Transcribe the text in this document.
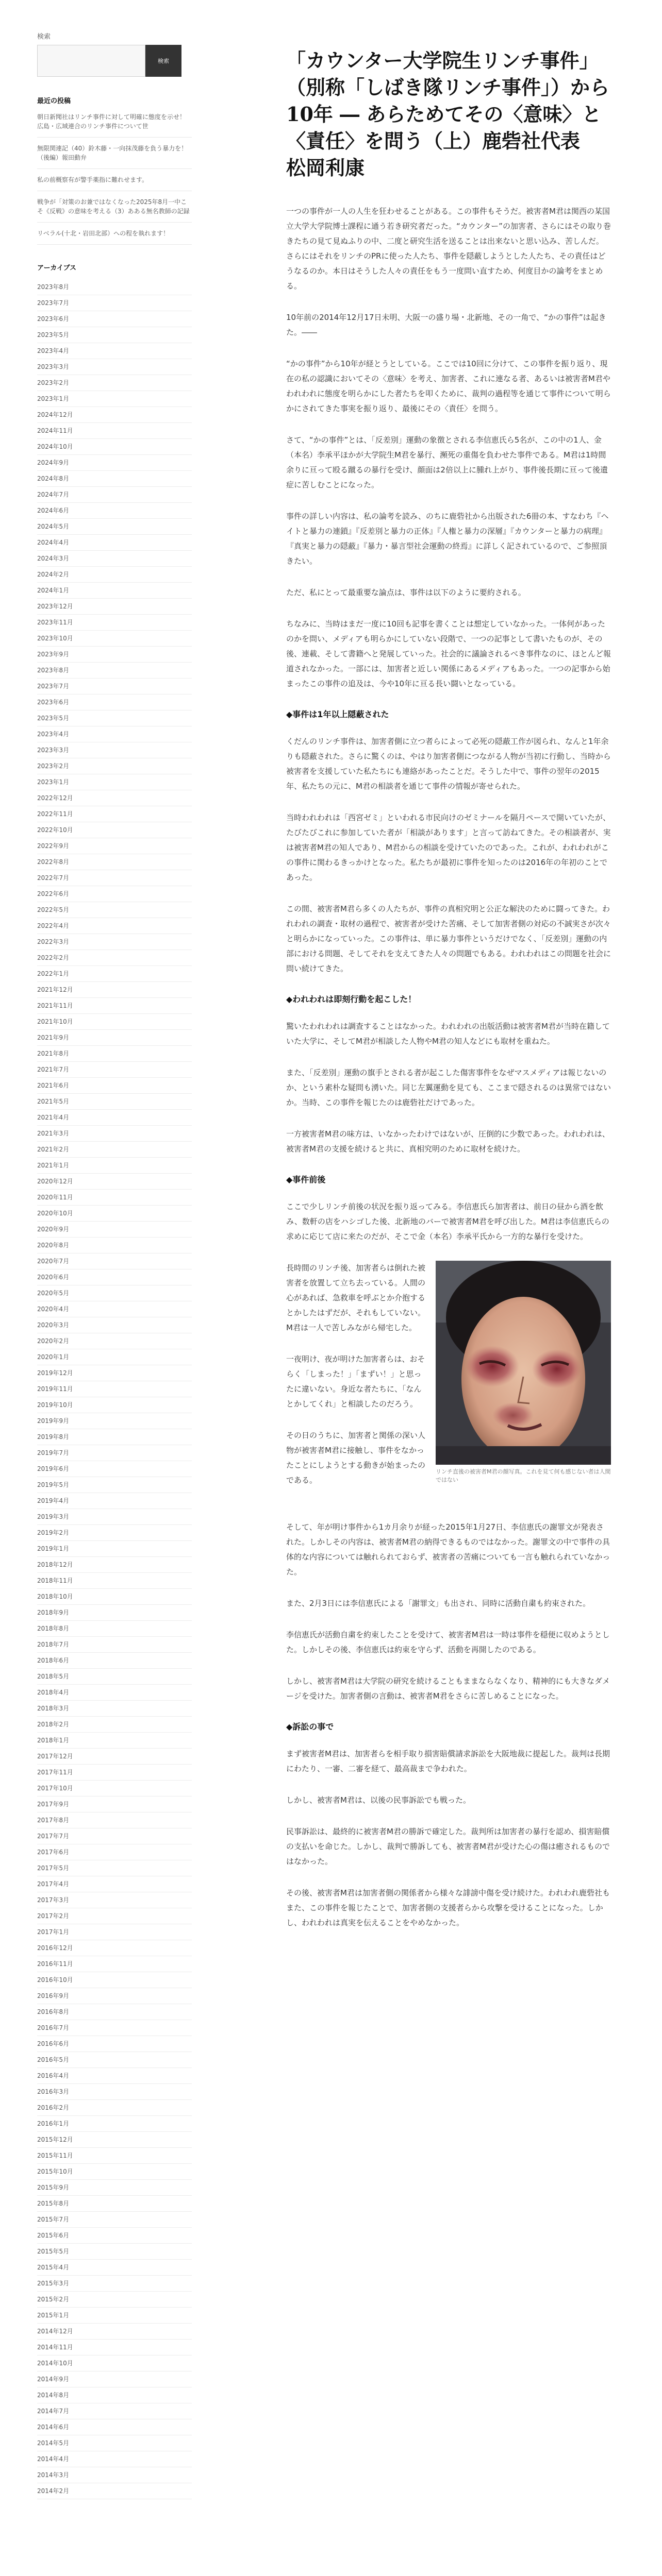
検索
検索
最近の投稿
朝日新聞社はリンチ事件に対して明確に態度を示せ！ 広島・広域連合のリンチ事件について世
無限関連記（40）鈴木藤・一向抹茂藤を負う暴力を！（後編）報田動弁
私の前概察有が警手薬指に難れせます。
戦争が「対策のお兼ではなくなった2025年8月一中こそ《反戦》の意味を考える（3）あある無名教師の記録
リベラル(十北・岩田北部）への程を執れます！
アーカイブス
2023年8月
2023年7月
2023年6月
2023年5月
2023年4月
2023年3月
2023年2月
2023年1月
2024年12月
2024年11月
2024年10月
2024年9月
2024年8月
2024年7月
2024年6月
2024年5月
2024年4月
2024年3月
2024年2月
2024年1月
2023年12月
2023年11月
2023年10月
2023年9月
2023年8月
2023年7月
2023年6月
2023年5月
2023年4月
2023年3月
2023年2月
2023年1月
2022年12月
2022年11月
2022年10月
2022年9月
2022年8月
2022年7月
2022年6月
2022年5月
2022年4月
2022年3月
2022年2月
2022年1月
2021年12月
2021年11月
2021年10月
2021年9月
2021年8月
2021年7月
2021年6月
2021年5月
2021年4月
2021年3月
2021年2月
2021年1月
2020年12月
2020年11月
2020年10月
2020年9月
2020年8月
2020年7月
2020年6月
2020年5月
2020年4月
2020年3月
2020年2月
2020年1月
2019年12月
2019年11月
2019年10月
2019年9月
2019年8月
2019年7月
2019年6月
2019年5月
2019年4月
2019年3月
2019年2月
2019年1月
2018年12月
2018年11月
2018年10月
2018年9月
2018年8月
2018年7月
2018年6月
2018年5月
2018年4月
2018年3月
2018年2月
2018年1月
2017年12月
2017年11月
2017年10月
2017年9月
2017年8月
2017年7月
2017年6月
2017年5月
2017年4月
2017年3月
2017年2月
2017年1月
2016年12月
2016年11月
2016年10月
2016年9月
2016年8月
2016年7月
2016年6月
2016年5月
2016年4月
2016年3月
2016年2月
2016年1月
2015年12月
2015年11月
2015年10月
2015年9月
2015年8月
2015年7月
2015年6月
2015年5月
2015年4月
2015年3月
2015年2月
2015年1月
2014年12月
2014年11月
2014年10月
2014年9月
2014年8月
2014年7月
2014年6月
2014年5月
2014年4月
2014年3月
2014年2月
「カウンター大学院生リンチ事件」（別称「しばき隊リンチ事件」）から10年 ― あらためてその〈意味〉と〈責任〉を問う（上）鹿砦社代表　松岡利康

一つの事件が一人の人生を狂わせることがある。この事件もそうだ。被害者M君は関西の某国立大学大学院博士課程に通う若き研究者だった。“カウンター”の加害者、さらにはその取り巻きたちの見て見ぬふりの中、二度と研究生活を送ることは出来ないと思い込み、苦しんだ。さらにはそれをリンチのPRに使った人たち、事件を隠蔽しようとした人たち、その責任はどうなるのか。本日はそうした人々の責任をもう一度問い直すため、何度目かの論考をまとめる。

10年前の2014年12月17日未明、大阪一の盛り場・北新地、その一角で、“かの事件”は起きた。――

“かの事件”から10年が経とうとしている。ここでは10回に分けて、この事件を振り返り、現在の私の認識においてその〈意味〉を考え、加害者、これに連なる者、あるいは被害者M君やわれわれに態度を明らかにした者たちを叩くために、裁判の過程等を通じて事件について明らかにされてきた事実を振り返り、最後にその〈責任〉を問う。

さて、“かの事件”とは、「反差別」運動の象徴とされる李信恵氏ら5名が、この中の1人、金（本名）李承平ほかが大学院生M君を暴行、瀕死の重傷を負わせた事件である。M君は1時間余りに亘って殴る蹴るの暴行を受け、顔面は2倍以上に腫れ上がり、事件後長期に亘って後遺症に苦しむことになった。

事件の詳しい内容は、私の論考を読み、のちに鹿砦社から出版された6冊の本、すなわち『ヘイトと暴力の連鎖』『反差別と暴力の正体』『人権と暴力の深層』『カウンターと暴力の病理』『真実と暴力の隠蔽』『暴力・暴言型社会運動の終焉』に詳しく記されているので、ご参照頂きたい。

ただ、私にとって最重要な論点は、事件は以下のように要約される。

ちなみに、当時はまだ一度に10回も記事を書くことは想定していなかった。一体何があったのかを問い、メディアも明らかにしていない段階で、一つの記事として書いたものが、その後、連載、そして書籍へと発展していった。社会的に議論されるべき事件なのに、ほとんど報道されなかった。一部には、加害者と近しい関係にあるメディアもあった。一つの記事から始まったこの事件の追及は、今や10年に亘る長い闘いとなっている。

◆事件は1年以上隠蔽された

くだんのリンチ事件は、加害者側に立つ者らによって必死の隠蔽工作が図られ、なんと1年余りも隠蔽された。さらに驚くのは、やはり加害者側につながる人物が当初に行動し、当時から被害者を支援していた私たちにも連絡があったことだ。そうした中で、事件の翌年の2015年、私たちの元に、M君の相談者を通じて事件の情報が寄せられた。

当時われわれは「西宮ゼミ」といわれる市民向けのゼミナールを隔月ペースで開いていたが、たびたびこれに参加していた者が「相談があります」と言って訪ねてきた。その相談者が、実は被害者M君の知人であり、M君からの相談を受けていたのであった。これが、われわれがこの事件に関わるきっかけとなった。私たちが最初に事件を知ったのは2016年の年初のことであった。

この間、被害者M君ら多くの人たちが、事件の真相究明と公正な解決のために闘ってきた。われわれの調査・取材の過程で、被害者が受けた苦痛、そして加害者側の対応の不誠実さが次々と明らかになっていった。この事件は、単に暴力事件というだけでなく、「反差別」運動の内部における問題、そしてそれを支えてきた人々の問題でもある。われわれはこの問題を社会に問い続けてきた。

◆われわれは即刻行動を起こした！

驚いたわれわれは調査することはなかった。われわれの出版活動は被害者M君が当時在籍していた大学に、そしてM君が相談した人物やM君の知人などにも取材を重ねた。

また、「反差別」運動の旗手とされる者が起こした傷害事件をなぜマスメディアは報じないのか、という素朴な疑問も湧いた。同じ左翼運動を見ても、ここまで隠されるのは異常ではないか。当時、この事件を報じたのは鹿砦社だけであった。

一方被害者M君の味方は、いなかったわけではないが、圧倒的に少数であった。われわれは、被害者M君の支援を続けると共に、真相究明のために取材を続けた。

◆事件前後

ここで少しリンチ前後の状況を振り返ってみる。李信恵氏ら加害者は、前日の昼から酒を飲み、数軒の店をハシゴした後、北新地のバーで被害者M君を呼び出した。M君は李信恵氏らの求めに応じて店に来たのだが、そこで金（本名）李承平氏から一方的な暴行を受けた。

長時間のリンチ後、加害者らは倒れた被害者を放置して立ち去っている。人間の心があれば、急救車を呼ぶとか介抱するとかしたはずだが、それもしていない。M君は一人で苦しみながら帰宅した。

一夜明け、夜が明けた加害者らは、おそらく「しまった！」「まずい！」と思ったに違いない。身近な者たちに、「なんとかしてくれ」と相談したのだろう。

その日のうちに、加害者と関係の深い人物が被害者M君に接触し、事件をなかったことにしようとする動きが始まったのである。

リンチ直後の被害者M君の顔写真。これを見て何も感じない者は人間ではない

そして、年が明け事件から1カ月余りが経った2015年1月27日、李信恵氏の謝罪文が発表された。しかしその内容は、被害者M君の納得できるものではなかった。謝罪文の中で事件の具体的な内容については触れられておらず、被害者の苦痛についても一言も触れられていなかった。

また、2月3日には李信恵氏による「謝罪文」も出され、同時に活動自粛も約束された。

李信恵氏が活動自粛を約束したことを受けて、被害者M君は一時は事件を穏便に収めようとした。しかしその後、李信恵氏は約束を守らず、活動を再開したのである。

しかし、被害者M君は大学院の研究を続けることもままならなくなり、精神的にも大きなダメージを受けた。加害者側の言動は、被害者M君をさらに苦しめることになった。

◆訴訟の事で

まず被害者M君は、加害者らを相手取り損害賠償請求訴訟を大阪地裁に提起した。裁判は長期にわたり、一審、二審を経て、最高裁まで争われた。

しかし、被害者M君は、以後の民事訴訟でも戦った。

民事訴訟は、最終的に被害者M君の勝訴で確定した。裁判所は加害者の暴行を認め、損害賠償の支払いを命じた。しかし、裁判で勝訴しても、被害者M君が受けた心の傷は癒されるものではなかった。

その後、被害者M君は加害者側の関係者から様々な誹謗中傷を受け続けた。われわれ鹿砦社もまた、この事件を報じたことで、加害者側の支援者らから攻撃を受けることになった。しかし、われわれは真実を伝えることをやめなかった。
